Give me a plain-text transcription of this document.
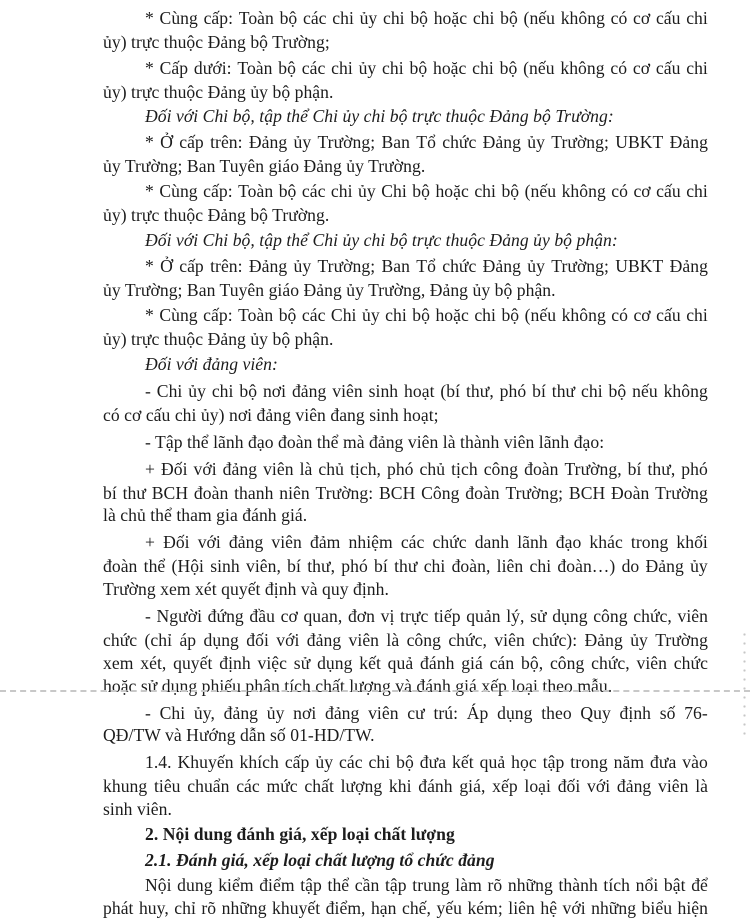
* Cùng cấp: Toàn bộ các chi ủy chi bộ hoặc chi bộ (nếu không có cơ cấu chi
ủy) trực thuộc Đảng bộ Trường;
* Cấp dưới: Toàn bộ các chi ủy chi bộ hoặc chi bộ (nếu không có cơ cấu chi
ủy) trực thuộc Đảng ủy bộ phận.
Đối với Chi bộ, tập thể Chi ủy chi bộ trực thuộc Đảng bộ Trường:
* Ở cấp trên: Đảng ủy Trường; Ban Tổ chức Đảng ủy Trường; UBKT Đảng
ủy Trường; Ban Tuyên giáo Đảng ủy Trường.
* Cùng cấp: Toàn bộ các chi ủy Chi bộ hoặc chi bộ (nếu không có cơ cấu chi
ủy) trực thuộc Đảng bộ Trường.
Đối với Chi bộ, tập thể Chi ủy chi bộ trực thuộc Đảng ủy bộ phận:
* Ở cấp trên: Đảng ủy Trường; Ban Tổ chức Đảng ủy Trường; UBKT Đảng
ủy Trường; Ban Tuyên giáo Đảng ủy Trường, Đảng ủy bộ phận.
* Cùng cấp: Toàn bộ các Chi ủy chi bộ hoặc chi bộ (nếu không có cơ cấu chi
ủy) trực thuộc Đảng ủy bộ phận.
Đối với đảng viên:
- Chi ủy chi bộ nơi đảng viên sinh hoạt (bí thư, phó bí thư chi bộ nếu không
có cơ cấu chi ủy) nơi đảng viên đang sinh hoạt;
- Tập thể lãnh đạo đoàn thể mà đảng viên là thành viên lãnh đạo:
+ Đối với đảng viên là chủ tịch, phó chủ tịch công đoàn Trường, bí thư, phó
bí thư BCH đoàn thanh niên Trường: BCH Công đoàn Trường; BCH Đoàn Trường
là chủ thể tham gia đánh giá.
+ Đối với đảng viên đảm nhiệm các chức danh lãnh đạo khác trong khối
đoàn thể (Hội sinh viên, bí thư, phó bí thư chi đoàn, liên chi đoàn…) do Đảng ủy
Trường xem xét quyết định và quy định.
- Người đứng đầu cơ quan, đơn vị trực tiếp quản lý, sử dụng công chức, viên
chức (chỉ áp dụng đối với đảng viên là công chức, viên chức): Đảng ủy Trường
xem xét, quyết định việc sử dụng kết quả đánh giá cán bộ, công chức, viên chức
hoặc sử dụng phiếu phân tích chất lượng và đánh giá xếp loại theo mẫu.
- Chi ủy, đảng ủy nơi đảng viên cư trú: Áp dụng theo Quy định số 76-
QĐ/TW và Hướng dẫn số 01-HD/TW.
1.4. Khuyến khích cấp ủy các chi bộ đưa kết quả học tập trong năm đưa vào
khung tiêu chuẩn các mức chất lượng khi đánh giá, xếp loại đối với đảng viên là
sinh viên.
2. Nội dung đánh giá, xếp loại chất lượng
2.1. Đánh giá, xếp loại chất lượng tổ chức đảng
Nội dung kiểm điểm tập thể cần tập trung làm rõ những thành tích nổi bật để
phát huy, chỉ rõ những khuyết điểm, hạn chế, yếu kém; liên hệ với những biểu hiện
